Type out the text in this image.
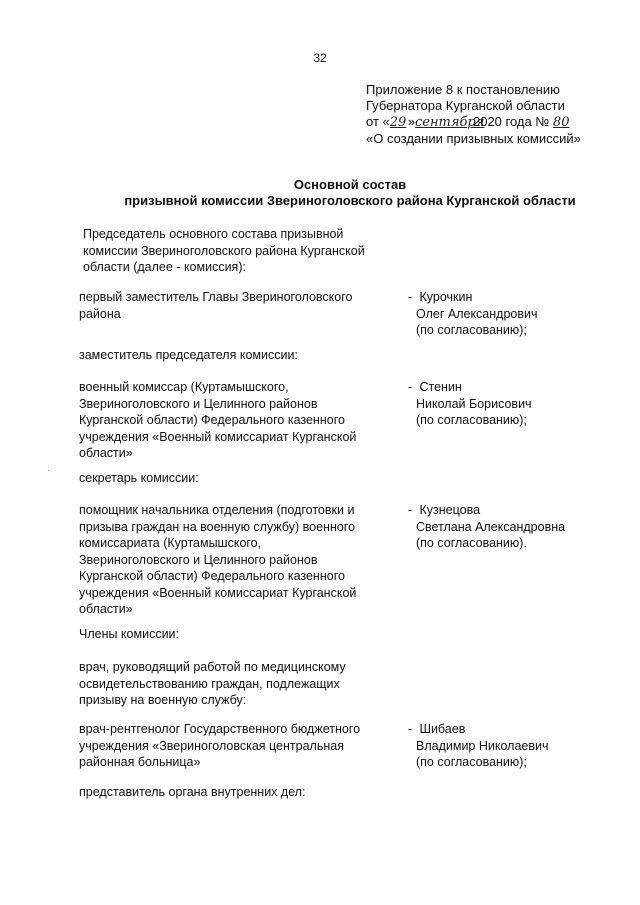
32
Приложение 8 к постановлению
Губернатора Курганской области
от «29»сентября2020 года № 80
«О создании призывных комиссий»
Основной состав
призывной комиссии Звериноголовского района Курганской области
Председатель основного состава призывной
комиссии Звериноголовского района Курганской
области (далее - комиссия):
первый заместитель Главы Звериноголовского
района
- Курочкин
Олег Александрович
(по согласованию);
заместитель председателя комиссии:
военный комиссар (Куртамышского,
Звериноголовского и Целинного районов
Курганской области) Федерального казенного
учреждения «Военный комиссариат Курганской
области»
- Стенин
Николай Борисович
(по согласованию);
секретарь комиссии:
помощник начальника отделения (подготовки и
призыва граждан на военную службу) военного
комиссариата (Куртамышского,
Звериноголовского и Целинного районов
Курганской области) Федерального казенного
учреждения «Военный комиссариат Курганской
области»
- Кузнецова
Светлана Александровна
(по согласованию).
Члены комиссии:
врач, руководящий работой по медицинскому
освидетельствованию граждан, подлежащих
призыву на военную службу:
врач-рентгенолог Государственного бюджетного
учреждения «Звериноголовская центральная
районная больница»
- Шибаев
Владимир Николаевич
(по согласованию);
представитель органа внутренних дел:
